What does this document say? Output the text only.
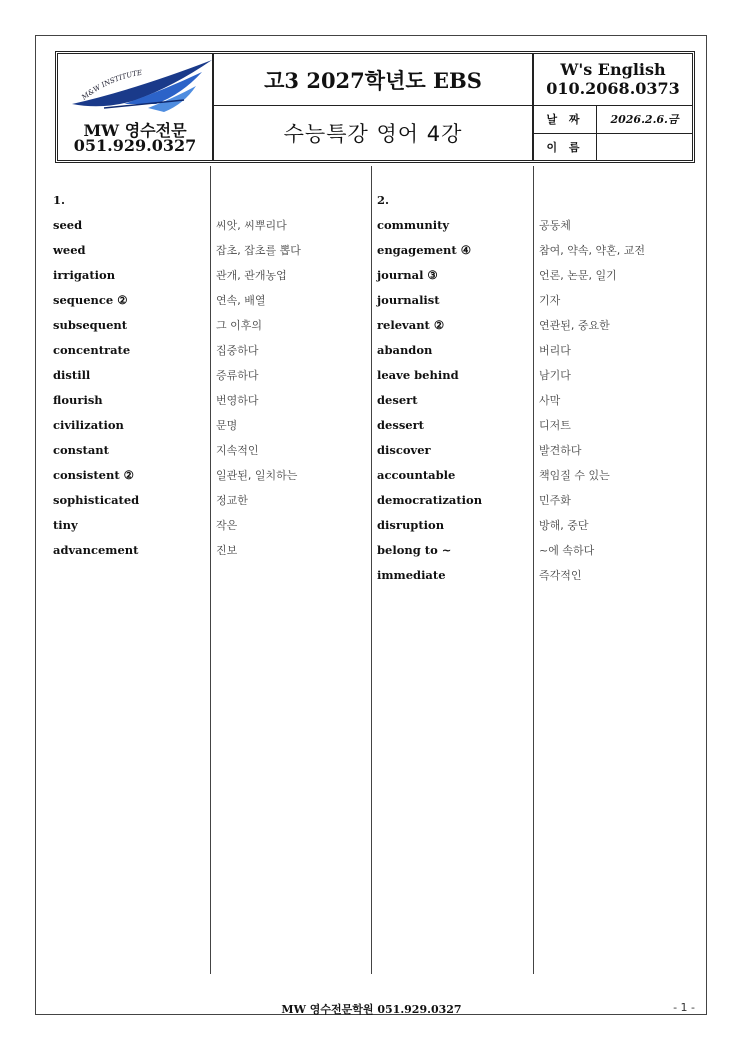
M&W INSTITUTE
MW 영수전문
051.929.0327
고3 2027학년도 EBS
수능특강 영어 4강
W's English
010.2068.0373
날 짜	2026.2.6.금
이 름
1.
seed
weed
irrigation
sequence ②
subsequent
concentrate
distill
flourish
civilization
constant
consistent ②
sophisticated
tiny
advancement
씨앗, 씨뿌리다
잡초, 잡초를 뽑다
관개, 관개농업
연속, 배열
그 이후의
집중하다
증류하다
번영하다
문명
지속적인
일관된, 일치하는
정교한
작은
진보
2.
community
engagement ④
journal ③
journalist
relevant ②
abandon
leave behind
desert
dessert
discover
accountable
democratization
disruption
belong to ~
immediate
공동체
참여, 약속, 약혼, 교전
언론, 논문, 일기
기자
연관된, 중요한
버리다
남기다
사막
디저트
발견하다
책임질 수 있는
민주화
방해, 중단
~에 속하다
즉각적인
MW 영수전문학원 051.929.0327	- 1 -
